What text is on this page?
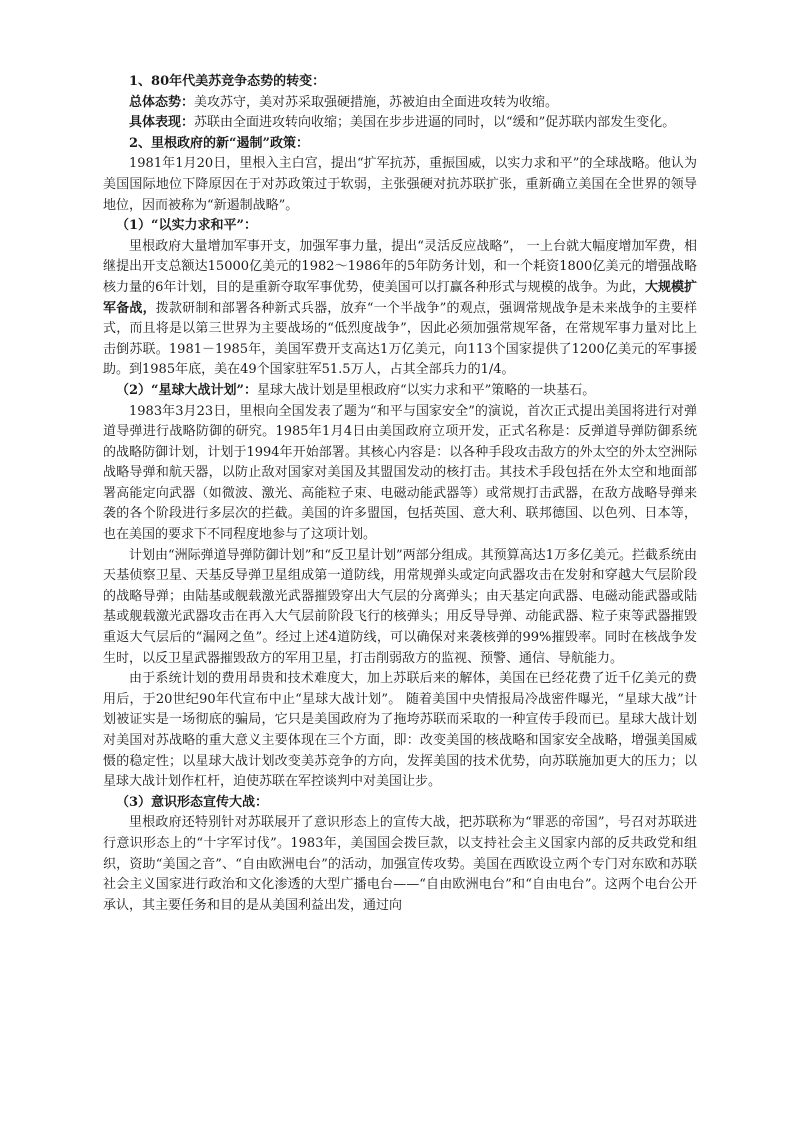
1、80年代美苏竞争态势的转变：

总体态势：美攻苏守，美对苏采取强硬措施，苏被迫由全面进攻转为收缩。

具体表现：苏联由全面进攻转向收缩；美国在步步进逼的同时，以“缓和”促苏联内部发生变化。

2、里根政府的新“遏制”政策：

1981年1月20日，里根入主白宫，提出“扩军抗苏，重振国威，以实力求和平”的全球战略。他认为美国国际地位下降原因在于对苏政策过于软弱，主张强硬对抗苏联扩张，重新确立美国在全世界的领导地位，因而被称为“新遏制战略”。

（1）“以实力求和平”：

里根政府大量增加军事开支，加强军事力量，提出“灵活反应战略”， 一上台就大幅度增加军费，相继提出开支总额达15000亿美元的1982～1986年的5年防务计划，和一个耗资1800亿美元的增强战略核力量的6年计划，目的是重新夺取军事优势，使美国可以打赢各种形式与规模的战争。为此，大规模扩军备战，拨款研制和部署各种新式兵器，放弃“一个半战争”的观点，强调常规战争是未来战争的主要样式，而且将是以第三世界为主要战场的“低烈度战争”，因此必须加强常规军备，在常规军事力量对比上击倒苏联。1981－1985年，美国军费开支高达1万亿美元，向113个国家提供了1200亿美元的军事援助。到1985年底，美在49个国家驻军51.5万人，占其全部兵力的1/4。

（2）“星球大战计划”：星球大战计划是里根政府“以实力求和平”策略的一块基石。

1983年3月23日，里根向全国发表了题为“和平与国家安全”的演说，首次正式提出美国将进行对弹道导弹进行战略防御的研究。1985年1月4日由美国政府立项开发，正式名称是：反弹道导弹防御系统的战略防御计划，计划于1994年开始部署。其核心内容是：以各种手段攻击敌方的外太空的外太空洲际战略导弹和航天器，以防止敌对国家对美国及其盟国发动的核打击。其技术手段包括在外太空和地面部署高能定向武器（如微波、激光、高能粒子束、电磁动能武器等）或常规打击武器，在敌方战略导弹来袭的各个阶段进行多层次的拦截。美国的许多盟国，包括英国、意大利、联邦德国、以色列、日本等，也在美国的要求下不同程度地参与了这项计划。

计划由“洲际弹道导弹防御计划”和“反卫星计划”两部分组成。其预算高达1万多亿美元。拦截系统由天基侦察卫星、天基反导弹卫星组成第一道防线，用常规弹头或定向武器攻击在发射和穿越大气层阶段的战略导弹；由陆基或舰载激光武器摧毁穿出大气层的分离弹头；由天基定向武器、电磁动能武器或陆基或舰载激光武器攻击在再入大气层前阶段飞行的核弹头；用反导导弹、动能武器、粒子束等武器摧毁重返大气层后的“漏网之鱼”。经过上述4道防线，可以确保对来袭核弹的99%摧毁率。同时在核战争发生时，以反卫星武器摧毁敌方的军用卫星，打击削弱敌方的监视、预警、通信、导航能力。

由于系统计划的费用昂贵和技术难度大，加上苏联后来的解体，美国在已经花费了近千亿美元的费用后，于20世纪90年代宣布中止“星球大战计划”。 随着美国中央情报局冷战密件曝光，“星球大战”计划被证实是一场彻底的骗局，它只是美国政府为了拖垮苏联而采取的一种宣传手段而已。星球大战计划对美国对苏战略的重大意义主要体现在三个方面，即：改变美国的核战略和国家安全战略，增强美国威慑的稳定性；以星球大战计划改变美苏竞争的方向，发挥美国的技术优势，向苏联施加更大的压力；以星球大战计划作杠杆，迫使苏联在军控谈判中对美国让步。

（3）意识形态宣传大战：

里根政府还特别针对苏联展开了意识形态上的宣传大战，把苏联称为“罪恶的帝国”，号召对苏联进行意识形态上的“十字军讨伐”。1983年，美国国会拨巨款，以支持社会主义国家内部的反共政党和组织，资助“美国之音”、“自由欧洲电台”的活动，加强宣传攻势。美国在西欧设立两个专门对东欧和苏联社会主义国家进行政治和文化渗透的大型广播电台——“自由欧洲电台”和“自由电台”。这两个电台公开承认，其主要任务和目的是从美国利益出发，通过向
